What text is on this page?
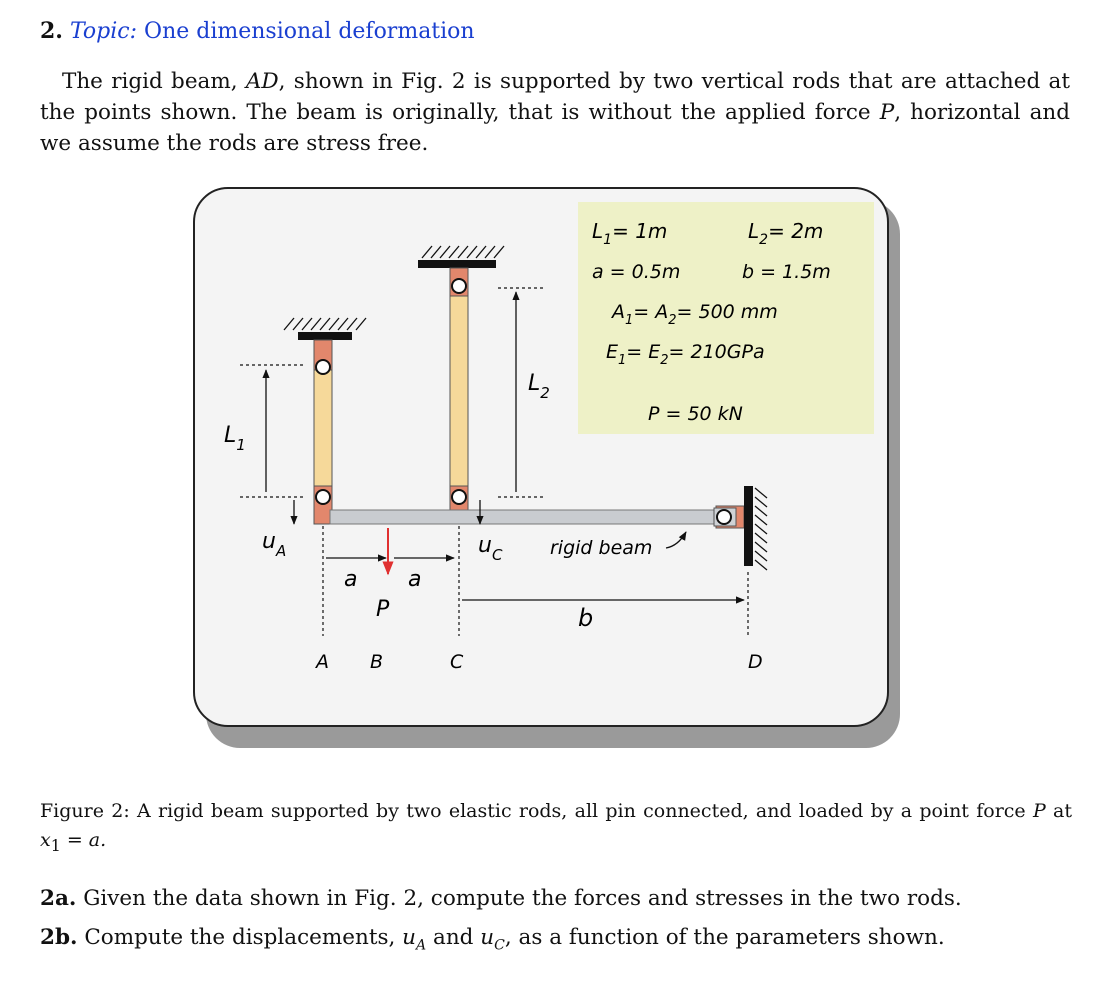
2. Topic: One dimensional deformation
The rigid beam, AD, shown in Fig. 2 is supported by two vertical rods that are attached at the points shown. The beam is originally, that is without the applied force P, horizontal and we assume the rods are stress free.
$L_1= 1m$	$L_2= 2m$
a = 0.5m	b = 1.5m
$A_1= A_2= 500$ mm
$E_1= E_2= 210GPa$
P = 50 kN
$L_1$
$L_2$
$u_A$	$u_C$	rigid beam
a a
P	b
A B	C	D
Figure 2: A rigid beam supported by two elastic rods, all pin connected, and loaded by a point force P at $x_1 = a$.
2a. Given the data shown in Fig. 2, compute the forces and stresses in the two rods.
2b. Compute the displacements, $u_A$ and $u_C$, as a function of the parameters shown.
